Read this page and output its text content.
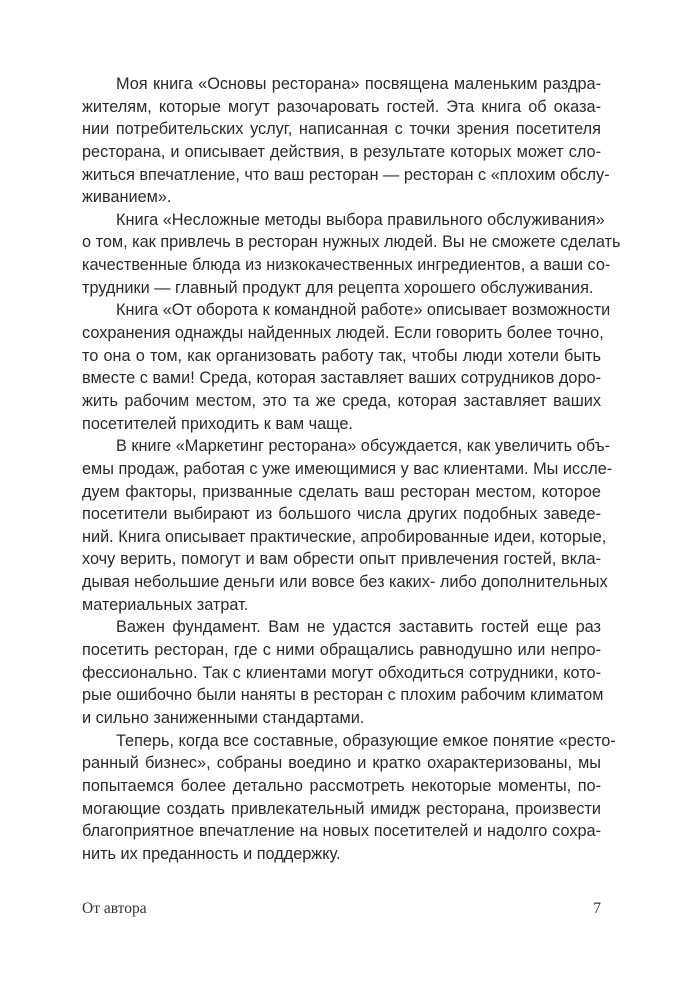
Моя книга «Основы ресторана» посвящена маленьким раздра-
жителям, которые могут разочаровать гостей. Эта книга об оказа-
нии потребительских услуг, написанная с точки зрения посетителя
ресторана, и описывает действия, в результате которых может сло-
житься впечатление, что ваш ресторан — ресторан с «плохим обслу-
живанием».
Книга «Несложные методы выбора правильного обслуживания»
о том, как привлечь в ресторан нужных людей. Вы не сможете сделать
качественные блюда из низкокачественных ингредиентов, а ваши со-
трудники — главный продукт для рецепта хорошего обслуживания.
Книга «От оборота к командной работе» описывает возможности
сохранения однажды найденных людей. Если говорить более точно,
то она о том, как организовать работу так, чтобы люди хотели быть
вместе с вами! Среда, которая заставляет ваших сотрудников доро-
жить рабочим местом, это та же среда, которая заставляет ваших
посетителей приходить к вам чаще.
В книге «Маркетинг ресторана» обсуждается, как увеличить объ-
емы продаж, работая с уже имеющимися у вас клиентами. Мы иссле-
дуем факторы, призванные сделать ваш ресторан местом, которое
посетители выбирают из большого числа других подобных заведе-
ний. Книга описывает практические, апробированные идеи, которые,
хочу верить, помогут и вам обрести опыт привлечения гостей, вкла-
дывая небольшие деньги или вовсе без каких- либо дополнительных
материальных затрат.
Важен фундамент. Вам не удастся заставить гостей еще раз
посетить ресторан, где с ними обращались равнодушно или непро-
фессионально. Так с клиентами могут обходиться сотрудники, кото-
рые ошибочно были наняты в ресторан с плохим рабочим климатом
и сильно заниженными стандартами.
Теперь, когда все составные, образующие емкое понятие «ресто-
ранный бизнес», собраны воедино и кратко охарактеризованы, мы
попытаемся более детально рассмотреть некоторые моменты, по-
могающие создать привлекательный имидж ресторана, произвести
благоприятное впечатление на новых посетителей и надолго сохра-
нить их преданность и поддержку.
От автора	7
